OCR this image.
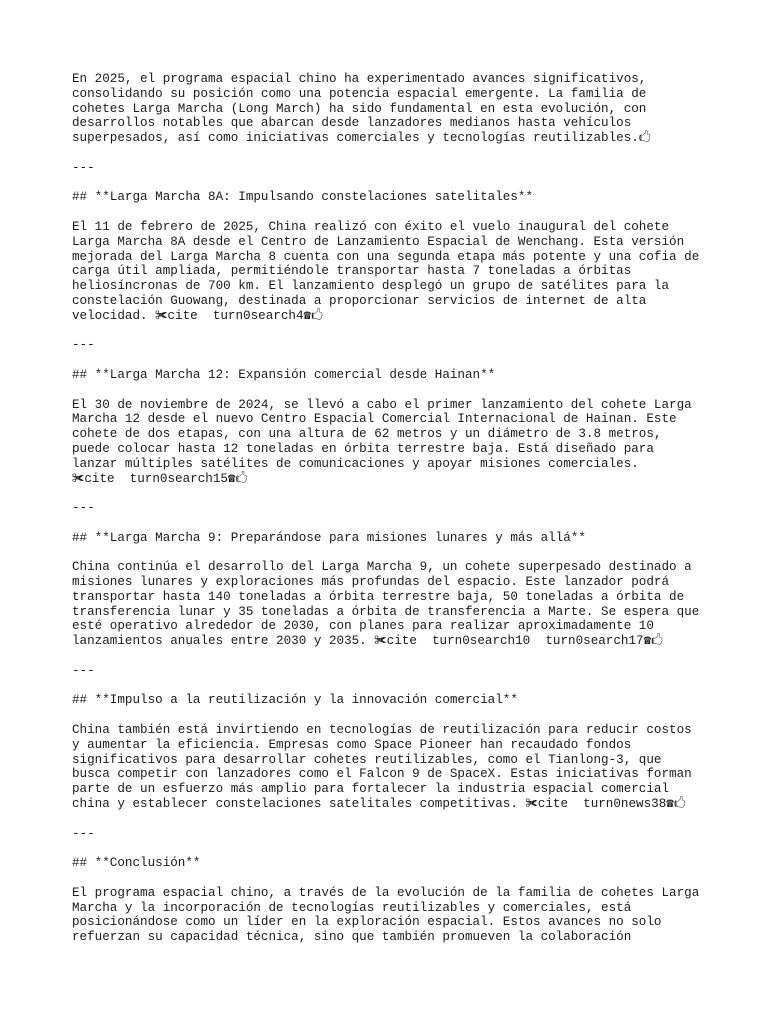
En 2025, el programa espacial chino ha experimentado avances significativos,
consolidando su posición como una potencia espacial emergente. La familia de
cohetes Larga Marcha (Long March) ha sido fundamental en esta evolución, con
desarrollos notables que abarcan desde lanzadores medianos hasta vehículos
superpesados, así como iniciativas comerciales y tecnologías reutilizables.⁠🖒
---
## **Larga Marcha 8A: Impulsando constelaciones satelitales**
El 11 de febrero de 2025, China realizó con éxito el vuelo inaugural del cohete
Larga Marcha 8A desde el Centro de Lanzamiento Espacial de Wenchang. Esta versión
mejorada del Larga Marcha 8 cuenta con una segunda etapa más potente y una cofia de
carga útil ampliada, permitiéndole transportar hasta 7 toneladas a órbitas
heliosíncronas de 700 km. El lanzamiento desplegó un grupo de satélites para la
constelación Guowang, destinada a proporcionar servicios de internet de alta
velocidad. ✀cite  turn0search4☎🖒
---
## **Larga Marcha 12: Expansión comercial desde Hainan**
El 30 de noviembre de 2024, se llevó a cabo el primer lanzamiento del cohete Larga
Marcha 12 desde el nuevo Centro Espacial Comercial Internacional de Hainan. Este
cohete de dos etapas, con una altura de 62 metros y un diámetro de 3.8 metros,
puede colocar hasta 12 toneladas en órbita terrestre baja. Está diseñado para
lanzar múltiples satélites de comunicaciones y apoyar misiones comerciales.
✀cite  turn0search15☎🖒
---
## **Larga Marcha 9: Preparándose para misiones lunares y más allá**
China continúa el desarrollo del Larga Marcha 9, un cohete superpesado destinado a
misiones lunares y exploraciones más profundas del espacio. Este lanzador podrá
transportar hasta 140 toneladas a órbita terrestre baja, 50 toneladas a órbita de
transferencia lunar y 35 toneladas a órbita de transferencia a Marte. Se espera que
esté operativo alrededor de 2030, con planes para realizar aproximadamente 10
lanzamientos anuales entre 2030 y 2035. ✀cite  turn0search10  turn0search17☎🖒
---
## **Impulso a la reutilización y la innovación comercial**
China también está invirtiendo en tecnologías de reutilización para reducir costos
y aumentar la eficiencia. Empresas como Space Pioneer han recaudado fondos
significativos para desarrollar cohetes reutilizables, como el Tianlong-3, que
busca competir con lanzadores como el Falcon 9 de SpaceX. Estas iniciativas forman
parte de un esfuerzo más amplio para fortalecer la industria espacial comercial
china y establecer constelaciones satelitales competitivas. ✀cite  turn0news38☎🖒
---
## **Conclusión**
El programa espacial chino, a través de la evolución de la familia de cohetes Larga
Marcha y la incorporación de tecnologías reutilizables y comerciales, está
posicionándose como un líder en la exploración espacial. Estos avances no solo
refuerzan su capacidad técnica, sino que también promueven la colaboración
